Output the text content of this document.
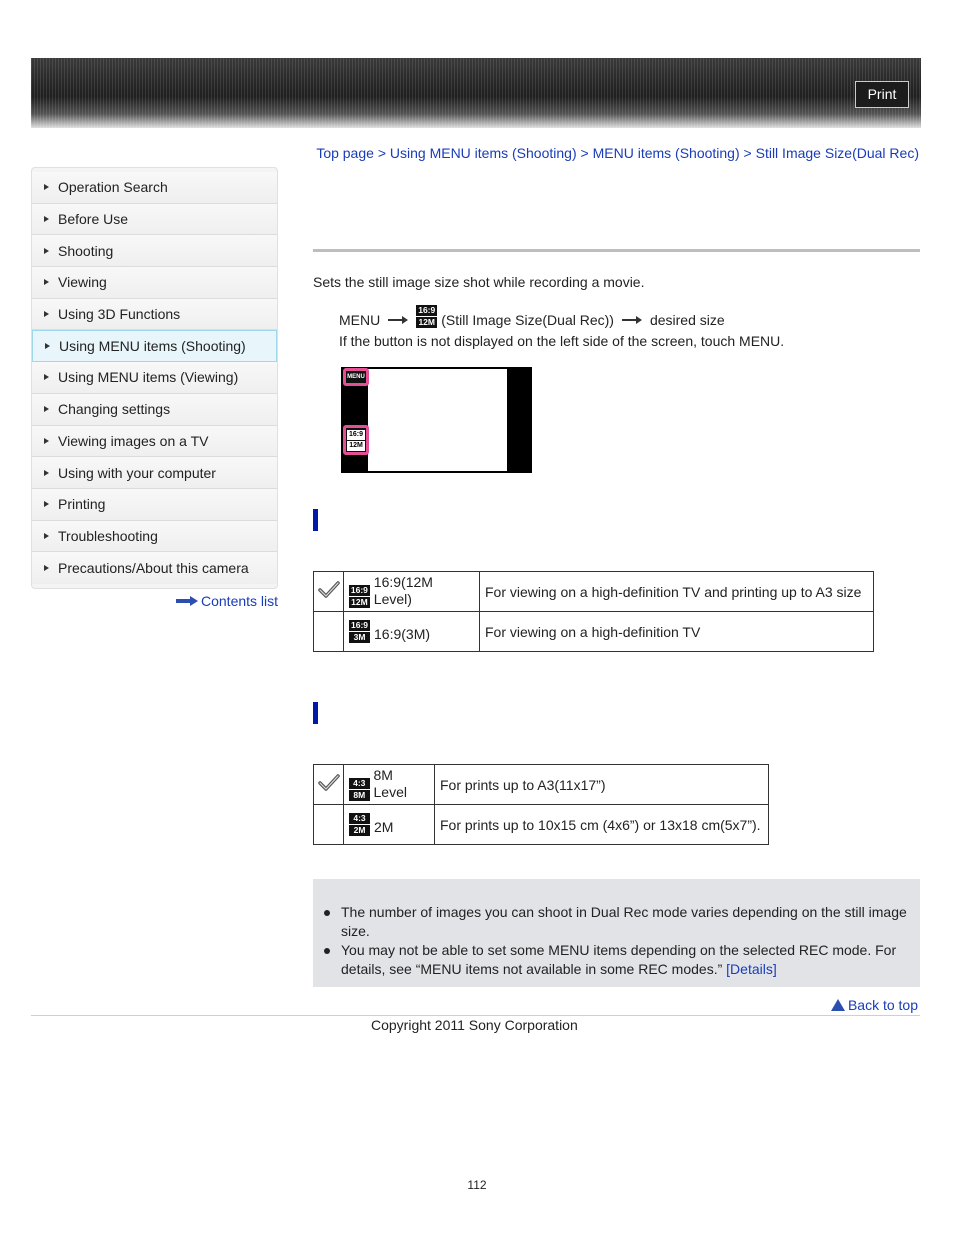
Print
Operation Search
Before Use
Shooting
Viewing
Using 3D Functions
Using MENU items (Shooting)
Using MENU items (Viewing)
Changing settings
Viewing images on a TV
Using with your computer
Printing
Troubleshooting
Precautions/About this camera
Contents list
Top page > Using MENU items (Shooting) > MENU items (Shooting) > Still Image Size(Dual Rec)
Sets the still image size shot while recording a movie.
MENU
16:9
12M (Still Image Size(Dual Rec))	desired size
If the button is not displayed on the left side of the screen, touch MENU.
MENU
16:9
12M

16:9
12M
16:9(12M Level)	For viewing on a high-definition TV and printing up to A3 size

	16:9
3M 16:9(3M)	For viewing on a high-definition TV

4:3
8M
8M Level	For prints up to A3(11x17”)

	4:3
2M 2M	For prints up to 10x15 cm (4x6”) or 13x18 cm(5x7”).
The number of images you can shoot in Dual Rec mode varies depending on the still image size.
You may not be able to set some MENU items depending on the selected REC mode. For details, see “MENU items not available in some REC modes.” [Details]
Back to top
Copyright 2011 Sony Corporation
112
